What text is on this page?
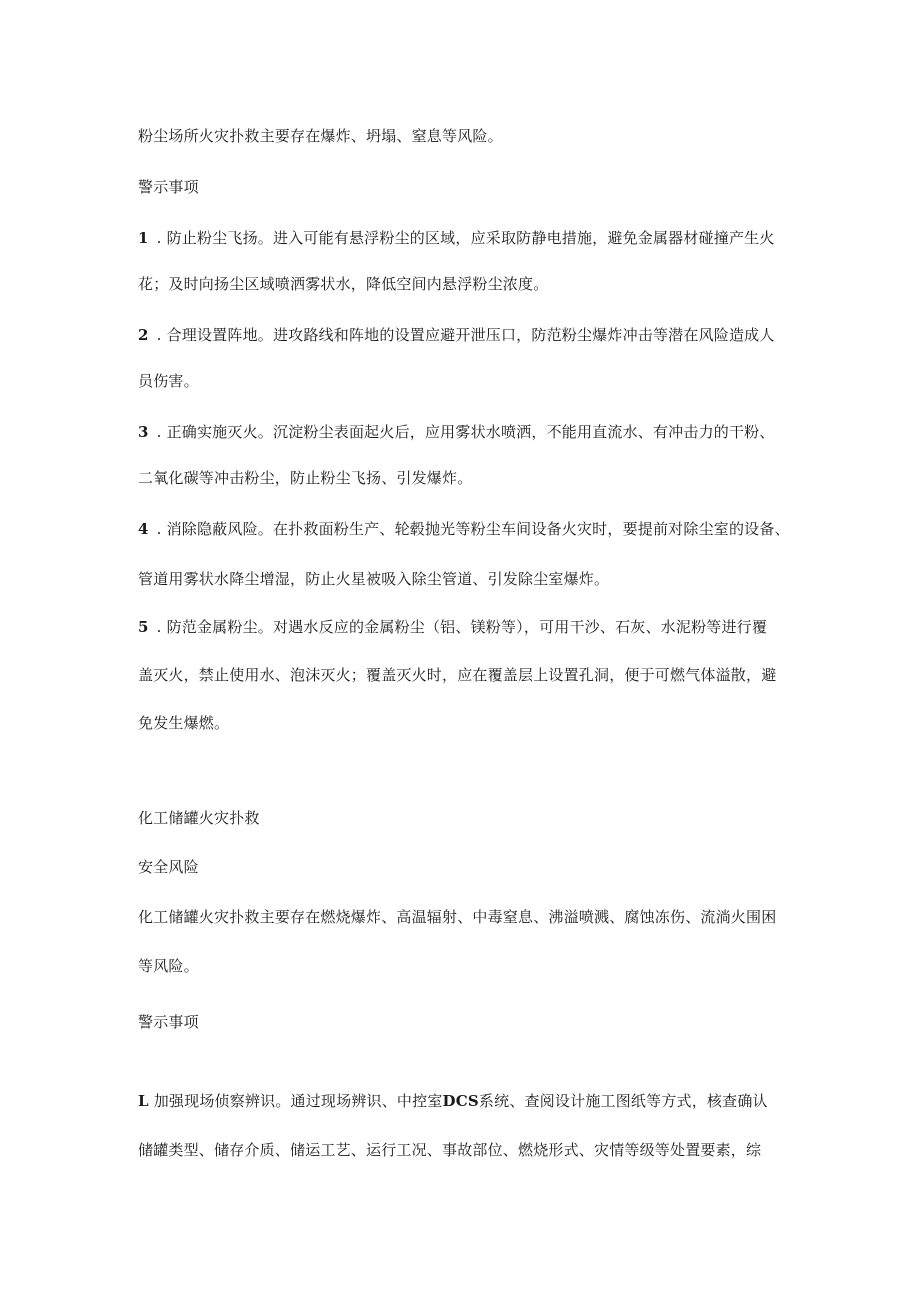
粉尘场所火灾扑救主要存在爆炸、坍塌、窒息等风险。
警示事项
1 . 防止粉尘飞扬。进入可能有悬浮粉尘的区域，应采取防静电措施，避免金属器材碰撞产生火
花；及时向扬尘区域喷洒雾状水，降低空间内悬浮粉尘浓度。
2 . 合理设置阵地。进攻路线和阵地的设置应避开泄压口，防范粉尘爆炸冲击等潜在风险造成人
员伤害。
3 . 正确实施灭火。沉淀粉尘表面起火后，应用雾状水喷洒，不能用直流水、有冲击力的干粉、
二氧化碳等冲击粉尘，防止粉尘飞扬、引发爆炸。
4 . 消除隐蔽风险。在扑救面粉生产、轮毂抛光等粉尘车间设备火灾时，要提前对除尘室的设备、
管道用雾状水降尘增湿，防止火星被吸入除尘管道、引发除尘室爆炸。
5 . 防范金属粉尘。对遇水反应的金属粉尘（铝、镁粉等），可用干沙、石灰、水泥粉等进行覆
盖灭火，禁止使用水、泡沫灭火；覆盖灭火时，应在覆盖层上设置孔洞，便于可燃气体溢散，避
免发生爆燃。
化工储罐火灾扑救
安全风险
化工储罐火灾扑救主要存在燃烧爆炸、高温辐射、中毒窒息、沸溢喷溅、腐蚀冻伤、流淌火围困
等风险。
警示事项
L 加强现场侦察辨识。通过现场辨识、中控室DCS系统、查阅设计施工图纸等方式，核查确认
储罐类型、储存介质、储运工艺、运行工况、事故部位、燃烧形式、灾情等级等处置要素，综
